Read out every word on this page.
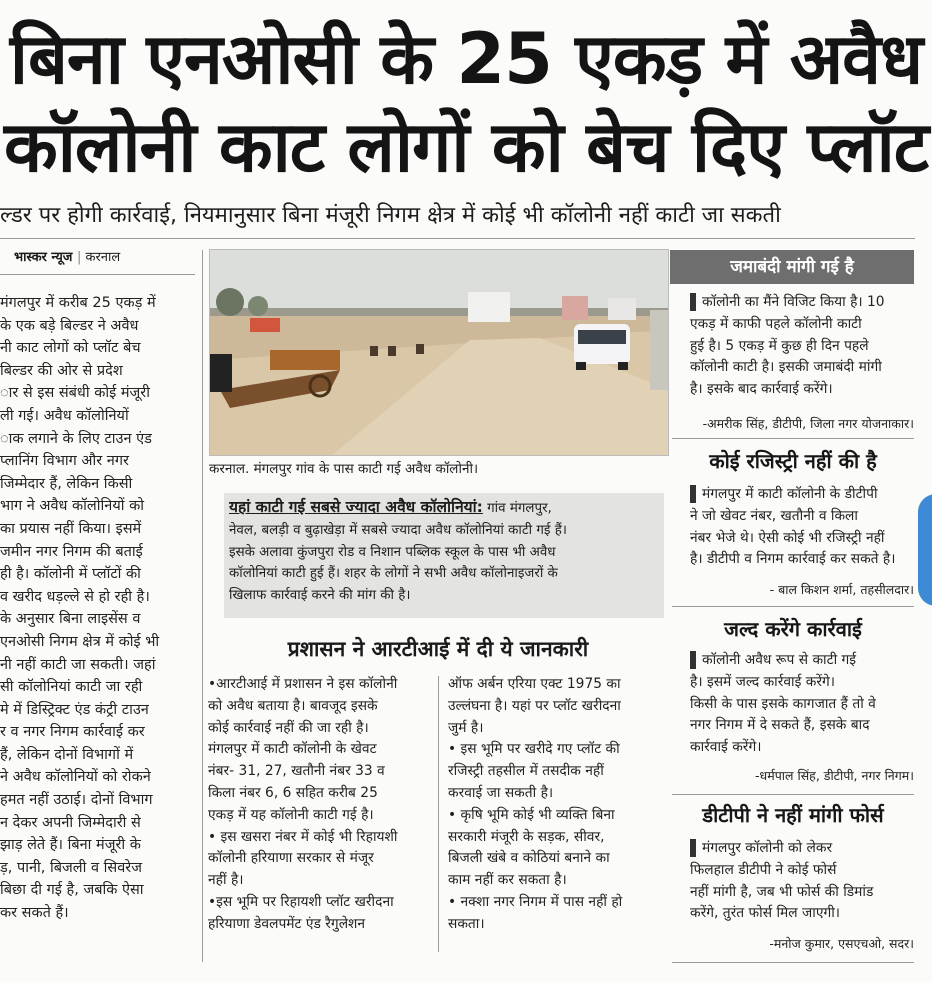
बिना एनओसी के 25 एकड़ में अवैध
कॉलोनी काट लोगों को बेच दिए प्लॉट
ल्डर पर होगी कार्रवाई, नियमानुसार बिना मंजूरी निगम क्षेत्र में कोई भी कॉलोनी नहीं काटी जा सकती
भास्कर न्यूज | करनाल
मंगलपुर में करीब 25 एकड़ में
के एक बड़े बिल्डर ने अवैध
नी काट लोगों को प्लॉट बेच
बिल्डर की ओर से प्रदेश
ार से इस संबंधी कोई मंजूरी
ली गई। अवैध कॉलोनियों
ाक लगाने के लिए टाउन एंड
प्लानिंग विभाग और नगर
जिम्मेदार हैं, लेकिन किसी
भाग ने अवैध कॉलोनियों को
का प्रयास नहीं किया। इसमें
जमीन नगर निगम की बताई
ही है। कॉलोनी में प्लॉटों की
व खरीद धड़ल्ले से हो रही है।
के अनुसार बिना लाइसेंस व
एनओसी निगम क्षेत्र में कोई भी
नी नहीं काटी जा सकती। जहां
सी कॉलोनियां काटी जा रही
मे में डिस्ट्रिक्ट एंड कंट्री टाउन
र व नगर निगम कार्रवाई कर
हैं, लेकिन दोनों विभागों में
ने अवैध कॉलोनियों को रोकने
हमत नहीं उठाई। दोनों विभाग
न देकर अपनी जिम्मेदारी से
झाड़ लेते हैं। बिना मंजूरी के
ड़, पानी, बिजली व सिवरेज
बिछा दी गई है, जबकि ऐसा
कर सकते हैं।
करनाल. मंगलपुर गांव के पास काटी गई अवैध कॉलोनी।
यहां काटी गई सबसे ज्यादा अवैध कॉलोनियां: गांव मंगलपुर,
नेवल, बलड़ी व बुढ़ाखेड़ा में सबसे ज्यादा अवैध कॉलोनियां काटी गई हैं।
इसके अलावा कुंजपुरा रोड व निशान पब्लिक स्कूल के पास भी अवैध
कॉलोनियां काटी हुई हैं। शहर के लोगों ने सभी अवैध कॉलोनाइजरों के
खिलाफ कार्रवाई करने की मांग की है।
प्रशासन ने आरटीआई में दी ये जानकारी
•आरटीआई में प्रशासन ने इस कॉलोनी
को अवैध बताया है। बावजूद इसके
कोई कार्रवाई नहीं की जा रही है।
मंगलपुर में काटी कॉलोनी के खेवट
नंबर- 31, 27, खतौनी नंबर 33 व
किला नंबर 6, 6 सहित करीब 25
एकड़ में यह कॉलोनी काटी गई है।
• इस खसरा नंबर में कोई भी रिहायशी
कॉलोनी हरियाणा सरकार से मंजूर
नहीं है।
•इस भूमि पर रिहायशी प्लॉट खरीदना
हरियाणा डेवलपमेंट एंड रैगुलेशन
ऑफ अर्बन एरिया एक्ट 1975 का
उल्लंघना है। यहां पर प्लॉट खरीदना
जुर्म है।
• इस भूमि पर खरीदे गए प्लॉट की
रजिस्ट्री तहसील में तसदीक नहीं
करवाई जा सकती है।
• कृषि भूमि कोई भी व्यक्ति बिना
सरकारी मंजूरी के सड़क, सीवर,
बिजली खंबे व कोठियां बनाने का
काम नहीं कर सकता है।
• नक्शा नगर निगम में पास नहीं हो
सकता।
जमाबंदी मांगी गई है
कॉलोनी का मैंने विजिट किया है। 10
एकड़ में काफी पहले कॉलोनी काटी
हुई है। 5 एकड़ में कुछ ही दिन पहले
कॉलोनी काटी है। इसकी जमाबंदी मांगी
है। इसके बाद कार्रवाई करेंगे।
-अमरीक सिंह, डीटीपी, जिला नगर योजनाकार।
कोई रजिस्ट्री नहीं की है
मंगलपुर में काटी कॉलोनी के डीटीपी
ने जो खेवट नंबर, खतौनी व किला
नंबर भेजे थे। ऐसी कोई भी रजिस्ट्री नहीं
है। डीटीपी व निगम कार्रवाई कर सकते है।
- बाल किशन शर्मा, तहसीलदार।
जल्द करेंगे कार्रवाई
कॉलोनी अवैध रूप से काटी गई
है। इसमें जल्द कार्रवाई करेंगे।
किसी के पास इसके कागजात हैं तो वे
नगर निगम में दे सकते हैं, इसके बाद
कार्रवाई करेंगे।
-धर्मपाल सिंह, डीटीपी, नगर निगम।
डीटीपी ने नहीं मांगी फोर्स
मंगलपुर कॉलोनी को लेकर
फिलहाल डीटीपी ने कोई फोर्स
नहीं मांगी है, जब भी फोर्स की डिमांड
करेंगे, तुरंत फोर्स मिल जाएगी।
-मनोज कुमार, एसएचओ, सदर।
